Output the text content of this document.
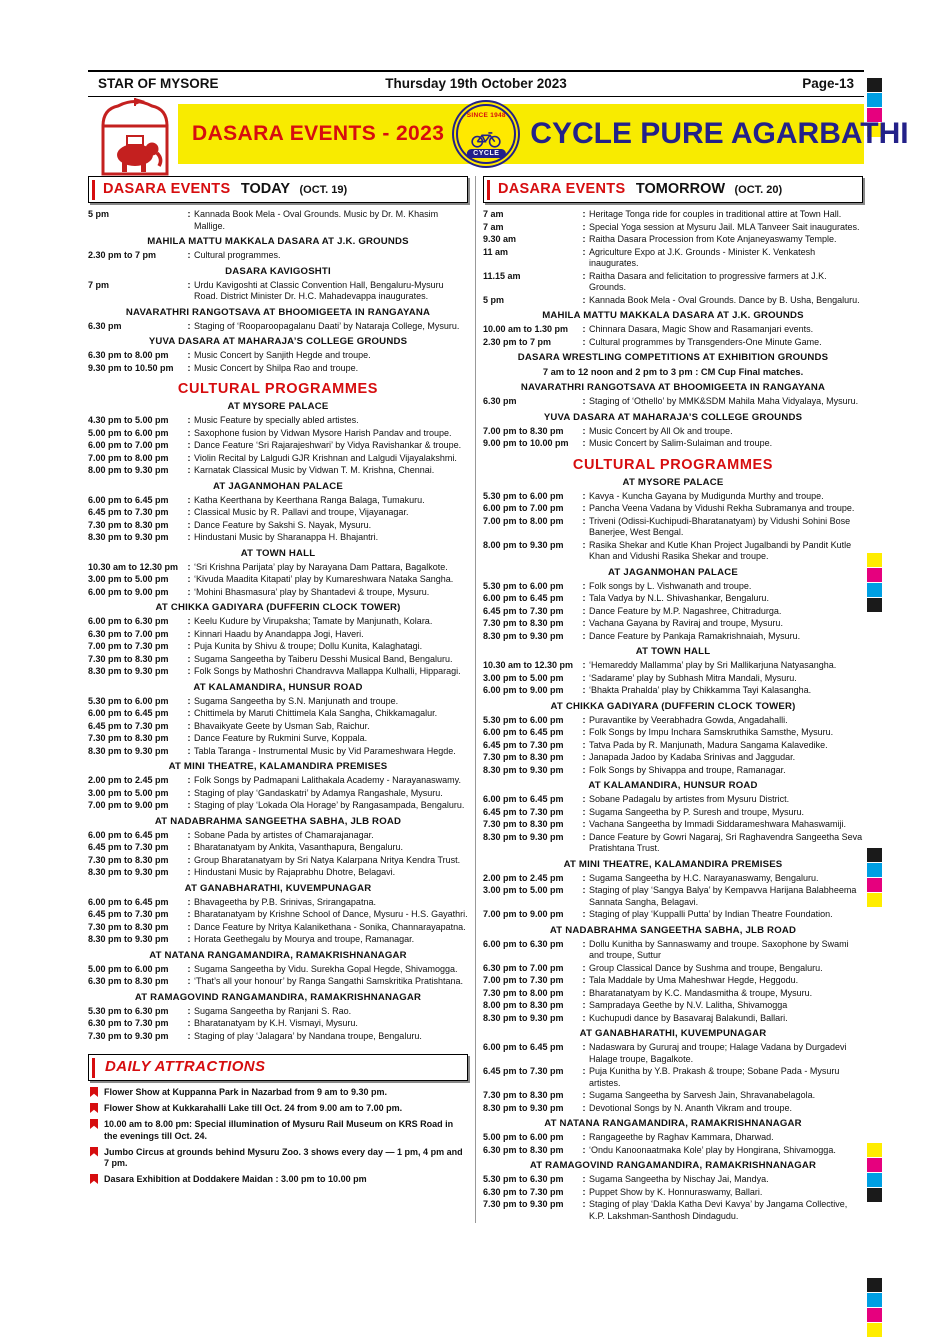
STAR OF MYSORE	Thursday 19th October 2023	Page-13
DASARA EVENTS - 2023
SINCE 1948
CYCLE
CYCLE PURE AGARBATHI
DASARA EVENTS TODAY (OCT. 19)
5 pm	: Kannada Book Mela - Oval Grounds. Music by Dr. M. Khasim Mallige.
MAHILA MATTU MAKKALA DASARA AT J.K. GROUNDS
2.30 pm to 7 pm	: Cultural programmes.
DASARA KAVIGOSHTI
7 pm	: Urdu Kavigoshti at Classic Convention Hall, Bengaluru-Mysuru Road. District Minister Dr. H.C. Mahadevappa inaugurates.
NAVARATHRI RANGOTSAVA AT BHOOMIGEETA IN RANGAYANA
6.30 pm	: Staging of ‘Rooparoopagalanu Daati’ by Nataraja College, Mysuru.
YUVA DASARA AT MAHARAJA’S COLLEGE GROUNDS
6.30 pm to 8.00 pm	: Music Concert by Sanjith Hegde and troupe.
9.30 pm to 10.50 pm	: Music Concert by Shilpa Rao and troupe.
CULTURAL PROGRAMMES
AT MYSORE PALACE
4.30 pm to 5.00 pm	: Music Feature by specially abled artistes.
5.00 pm to 6.00 pm	: Saxophone fusion by Vidwan Mysore Harish Pandav and troupe.
6.00 pm to 7.00 pm	: Dance Feature ‘Sri Rajarajeshwari’ by Vidya Ravishankar & troupe.
7.00 pm to 8.00 pm	: Violin Recital by Lalgudi GJR Krishnan and Lalgudi Vijayalakshmi.
8.00 pm to 9.30 pm	: Karnatak Classical Music by Vidwan T. M. Krishna, Chennai.
AT JAGANMOHAN PALACE
6.00 pm to 6.45 pm	: Katha Keerthana by Keerthana Ranga Balaga, Tumakuru.
6.45 pm to 7.30 pm	: Classical Music by R. Pallavi and troupe, Vijayanagar.
7.30 pm to 8.30 pm	: Dance Feature by Sakshi S. Nayak, Mysuru.
8.30 pm to 9.30 pm	: Hindustani Music by Sharanappa H. Bhajantri.
AT TOWN HALL
10.30 am to 12.30 pm	: ‘Sri Krishna Parijata’ play by Narayana Dam Pattara, Bagalkote.
3.00 pm to 5.00 pm	: ‘Kivuda Maadita Kitapati’ play by Kumareshwara Nataka Sangha.
6.00 pm to 9.00 pm	: ‘Mohini Bhasmasura’ play by Shantadevi & troupe, Mysuru.
AT CHIKKA GADIYARA (DUFFERIN CLOCK TOWER)
6.00 pm to 6.30 pm	: Keelu Kudure by Virupaksha; Tamate by Manjunath, Kolara.
6.30 pm to 7.00 pm	: Kinnari Haadu by Anandappa Jogi, Haveri.
7.00 pm to 7.30 pm	: Puja Kunita by Shivu & troupe; Dollu Kunita, Kalaghatagi.
7.30 pm to 8.30 pm	: Sugama Sangeetha by Taiberu Desshi Musical Band, Bengaluru.
8.30 pm to 9.30 pm	: Folk Songs by Mathoshri Chandravva Mallappa Kulhalli, Hipparagi.
AT KALAMANDIRA, HUNSUR ROAD
5.30 pm to 6.00 pm	: Sugama Sangeetha by S.N. Manjunath and troupe.
6.00 pm to 6.45 pm	: Chittimela by Maruti Chittimela Kala Sangha, Chikkamagalur.
6.45 pm to 7.30 pm	: Bhavaikyate Geete by Usman Sab, Raichur.
7.30 pm to 8.30 pm	: Dance Feature by Rukmini Surve, Koppala.
8.30 pm to 9.30 pm	: Tabla Taranga - Instrumental Music by Vid Parameshwara Hegde.
AT MINI THEATRE, KALAMANDIRA PREMISES
2.00 pm to 2.45 pm	: Folk Songs by Padmapani Lalithakala Academy - Narayanaswamy.
3.00 pm to 5.00 pm	: Staging of play ‘Gandaskatri’ by Adamya Rangashale, Mysuru.
7.00 pm to 9.00 pm	: Staging of play ‘Lokada Ola Horage’ by Rangasampada, Bengaluru.
AT NADABRAHMA SANGEETHA SABHA, JLB ROAD
6.00 pm to 6.45 pm	: Sobane Pada by artistes of Chamarajanagar.
6.45 pm to 7.30 pm	: Bharatanatyam by Ankita, Vasanthapura, Bengaluru.
7.30 pm to 8.30 pm	: Group Bharatanatyam by Sri Natya Kalarpana Nritya Kendra Trust.
8.30 pm to 9.30 pm	: Hindustani Music by Rajaprabhu Dhotre, Belagavi.
AT GANABHARATHI, KUVEMPUNAGAR
6.00 pm to 6.45 pm	: Bhavageetha by P.B. Srinivas, Srirangapatna.
6.45 pm to 7.30 pm	: Bharatanatyam by Krishne School of Dance, Mysuru - H.S. Gayathri.
7.30 pm to 8.30 pm	: Dance Feature by Nritya Kalanikethana - Sonika, Channarayapatna.
8.30 pm to 9.30 pm	: Horata Geethegalu by Mourya and troupe, Ramanagar.
AT NATANA RANGAMANDIRA, RAMAKRISHNANAGAR
5.00 pm to 6.00 pm	: Sugama Sangeetha by Vidu. Surekha Gopal Hegde, Shivamogga.
6.30 pm to 8.30 pm	: ‘That’s all your honour’ by Ranga Sangathi Samskritika Pratishtana.
AT RAMAGOVIND RANGAMANDIRA, RAMAKRISHNANAGAR
5.30 pm to 6.30 pm	: Sugama Sangeetha by Ranjani S. Rao.
6.30 pm to 7.30 pm	: Bharatanatyam by K.H. Vismayi, Mysuru.
7.30 pm to 9.30 pm	: Staging of play ‘Jalagara’ by Nandana troupe, Bengaluru.
DAILY ATTRACTIONS
Flower Show at Kuppanna Park in Nazarbad from 9 am to 9.30 pm.
Flower Show at Kukkarahalli Lake till Oct. 24 from 9.00 am to 7.00 pm.
10.00 am to 8.00 pm: Special illumination of Mysuru Rail Museum on KRS Road in the evenings till Oct. 24.
Jumbo Circus at grounds behind Mysuru Zoo. 3 shows every day — 1 pm, 4 pm and 7 pm.
Dasara Exhibition at Doddakere Maidan : 3.00 pm to 10.00 pm
DASARA EVENTS TOMORROW (OCT. 20)
7 am	: Heritage Tonga ride for couples in traditional attire at Town Hall.
7 am	: Special Yoga session at Mysuru Jail. MLA Tanveer Sait inaugurates.
9.30 am	: Raitha Dasara Procession from Kote Anjaneyaswamy Temple.
11 am	: Agriculture Expo at J.K. Grounds - Minister K. Venkatesh inaugurates.
11.15 am	: Raitha Dasara and felicitation to progressive farmers at J.K. Grounds.
5 pm	: Kannada Book Mela - Oval Grounds. Dance by B. Usha, Bengaluru.
MAHILA MATTU MAKKALA DASARA AT J.K. GROUNDS
10.00 am to 1.30 pm	: Chinnara Dasara, Magic Show and Rasamanjari events.
2.30 pm to 7 pm	: Cultural programmes by Transgenders-One Minute Game.
DASARA WRESTLING COMPETITIONS AT EXHIBITION GROUNDS
7 am to 12 noon and 2 pm to 3 pm : CM Cup Final matches.
NAVARATHRI RANGOTSAVA AT BHOOMIGEETA IN RANGAYANA
6.30 pm	: Staging of ‘Othello’ by MMK&SDM Mahila Maha Vidyalaya, Mysuru.
YUVA DASARA AT MAHARAJA’S COLLEGE GROUNDS
7.00 pm to 8.30 pm	: Music Concert by All Ok and troupe.
9.00 pm to 10.00 pm	: Music Concert by Salim-Sulaiman and troupe.
CULTURAL PROGRAMMES
AT MYSORE PALACE
5.30 pm to 6.00 pm	: Kavya - Kuncha Gayana by Mudigunda Murthy and troupe.
6.00 pm to 7.00 pm	: Pancha Veena Vadana by Vidushi Rekha Subramanya and troupe.
7.00 pm to 8.00 pm	: Triveni (Odissi-Kuchipudi-Bharatanatyam) by Vidushi Sohini Bose Banerjee, West Bengal.
8.00 pm to 9.30 pm	: Rasika Shekar and Kutle Khan Project Jugalbandi by Pandit Kutle Khan and Vidushi Rasika Shekar and troupe.
AT JAGANMOHAN PALACE
5.30 pm to 6.00 pm	: Folk songs by L. Vishwanath and troupe.
6.00 pm to 6.45 pm	: Tala Vadya by N.L. Shivashankar, Bengaluru.
6.45 pm to 7.30 pm	: Dance Feature by M.P. Nagashree, Chitradurga.
7.30 pm to 8.30 pm	: Vachana Gayana by Raviraj and troupe, Mysuru.
8.30 pm to 9.30 pm	: Dance Feature by Pankaja Ramakrishnaiah, Mysuru.
AT TOWN HALL
10.30 am to 12.30 pm	: ‘Hemareddy Mallamma’ play by Sri Mallikarjuna Natyasangha.
3.00 pm to 5.00 pm	: ‘Sadarame’ play by Subhash Mitra Mandali, Mysuru.
6.00 pm to 9.00 pm	: ‘Bhakta Prahalda’ play by Chikkamma Tayi Kalasangha.
AT CHIKKA GADIYARA (DUFFERIN CLOCK TOWER)
5.30 pm to 6.00 pm	: Puravantike by Veerabhadra Gowda, Angadahalli.
6.00 pm to 6.45 pm	: Folk Songs by Impu Inchara Samskruthika Samsthe, Mysuru.
6.45 pm to 7.30 pm	: Tatva Pada by R. Manjunath, Madura Sangama Kalavedike.
7.30 pm to 8.30 pm	: Janapada Jadoo by Kadaba Srinivas and Jaggudar.
8.30 pm to 9.30 pm	: Folk Songs by Shivappa and troupe, Ramanagar.
AT KALAMANDIRA, HUNSUR ROAD
6.00 pm to 6.45 pm	: Sobane Padagalu by artistes from Mysuru District.
6.45 pm to 7.30 pm	: Sugama Sangeetha by P. Suresh and troupe, Mysuru.
7.30 pm to 8.30 pm	: Vachana Sangeetha by Immadi Siddarameshwara Mahaswamiji.
8.30 pm to 9.30 pm	: Dance Feature by Gowri Nagaraj, Sri Raghavendra Sangeetha Seva Pratishtana Trust.
AT MINI THEATRE, KALAMANDIRA PREMISES
2.00 pm to 2.45 pm	: Sugama Sangeetha by H.C. Narayanaswamy, Bengaluru.
3.00 pm to 5.00 pm	: Staging of play ‘Sangya Balya’ by Kempavva Harijana Balabheema Sannata Sangha, Belagavi.
7.00 pm to 9.00 pm	: Staging of play ‘Kuppalli Putta’ by Indian Theatre Foundation.
AT NADABRAHMA SANGEETHA SABHA, JLB ROAD
6.00 pm to 6.30 pm	: Dollu Kunitha by Sannaswamy and troupe. Saxophone by Swami and troupe, Suttur
6.30 pm to 7.00 pm	: Group Classical Dance by Sushma and troupe, Bengaluru.
7.00 pm to 7.30 pm	: Tala Maddale by Uma Maheshwar Hegde, Heggodu.
7.30 pm to 8.00 pm	: Bharatanatyam by K.C. Mandasmitha & troupe, Mysuru.
8.00 pm to 8.30 pm	: Sampradaya Geethe by N.V. Lalitha, Shivamogga
8.30 pm to 9.30 pm	: Kuchupudi dance by Basavaraj Balakundi, Ballari.
AT GANABHARATHI, KUVEMPUNAGAR
6.00 pm to 6.45 pm	: Nadaswara by Gururaj and troupe; Halage Vadana by Durgadevi Halage troupe, Bagalkote.
6.45 pm to 7.30 pm	: Puja Kunitha by Y.B. Prakash & troupe; Sobane Pada - Mysuru artistes.
7.30 pm to 8.30 pm	: Sugama Sangeetha by Sarvesh Jain, Shravanabelagola.
8.30 pm to 9.30 pm	: Devotional Songs by N. Ananth Vikram and troupe.
AT NATANA RANGAMANDIRA, RAMAKRISHNANAGAR
5.00 pm to 6.00 pm	: Rangageethe by Raghav Kammara, Dharwad.
6.30 pm to 8.30 pm	: ‘Ondu Kanoonaatmaka Kole’ play by Hongirana, Shivamogga.
AT RAMAGOVIND RANGAMANDIRA, RAMAKRISHNANAGAR
5.30 pm to 6.30 pm	: Sugama Sangeetha by Nischay Jai, Mandya.
6.30 pm to 7.30 pm	: Puppet Show by K. Honnuraswamy, Ballari.
7.30 pm to 9.30 pm	: Staging of play ‘Dakla Katha Devi Kavya’ by Jangama Collective, K.P. Lakshman-Santhosh Dindagudu.
